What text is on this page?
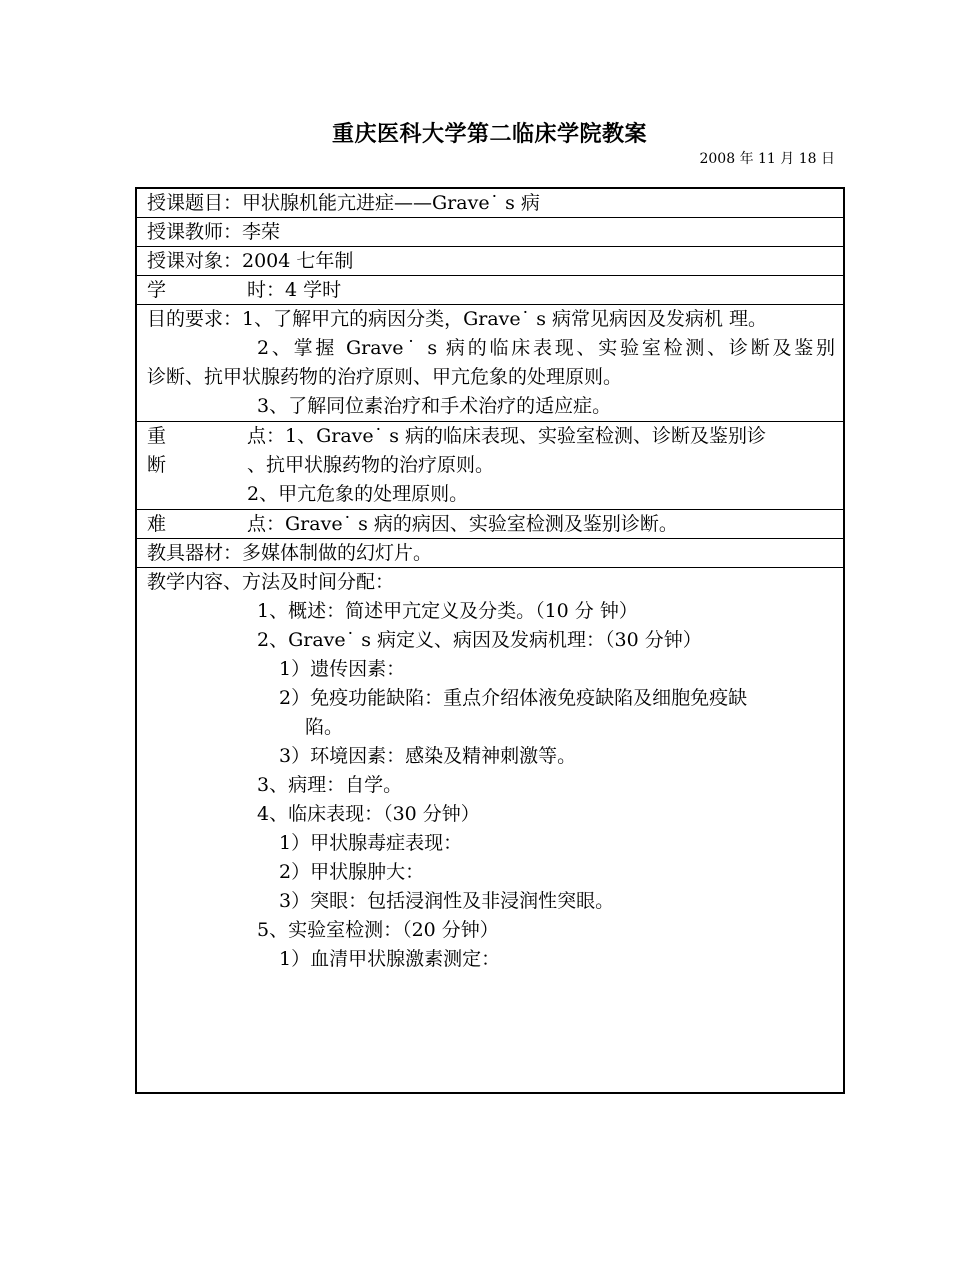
重庆医科大学第二临床学院教案
2008 年 11 月 18 日
授课题目：甲状腺机能亢进症——Grave˙ s 病
授课教师：李荣
授课对象：2004 七年制
学	时：4 学时
目的要求：1、了解甲亢的病因分类，Grave˙ s 病常见病因及发病机 理。
2、掌握 Grave˙ s 病的临床表现、实验室检测、诊断及鉴别
诊断、抗甲状腺药物的治疗原则、甲亢危象的处理原则。
3、了解同位素治疗和手术治疗的适应症。
重	点：1、Grave˙ s 病的临床表现、实验室检测、诊断及鉴别诊
断	、抗甲状腺药物的治疗原则。
2、甲亢危象的处理原则。
难	点：Grave˙ s 病的病因、实验室检测及鉴别诊断。
教具器材：多媒体制做的幻灯片。
教学内容、方法及时间分配：
1、概述：简述甲亢定义及分类。（10 分 钟）
2、Grave˙ s 病定义、病因及发病机理：（30 分钟）
1）遗传因素：
2）免疫功能缺陷：重点介绍体液免疫缺陷及细胞免疫缺
陷。
3）环境因素：感染及精神刺激等。
3、病理：自学。
4、临床表现：（30 分钟）
1）甲状腺毒症表现：
2）甲状腺肿大：
3）突眼：包括浸润性及非浸润性突眼。
5、实验室检测：（20 分钟）
1）血清甲状腺激素测定：
